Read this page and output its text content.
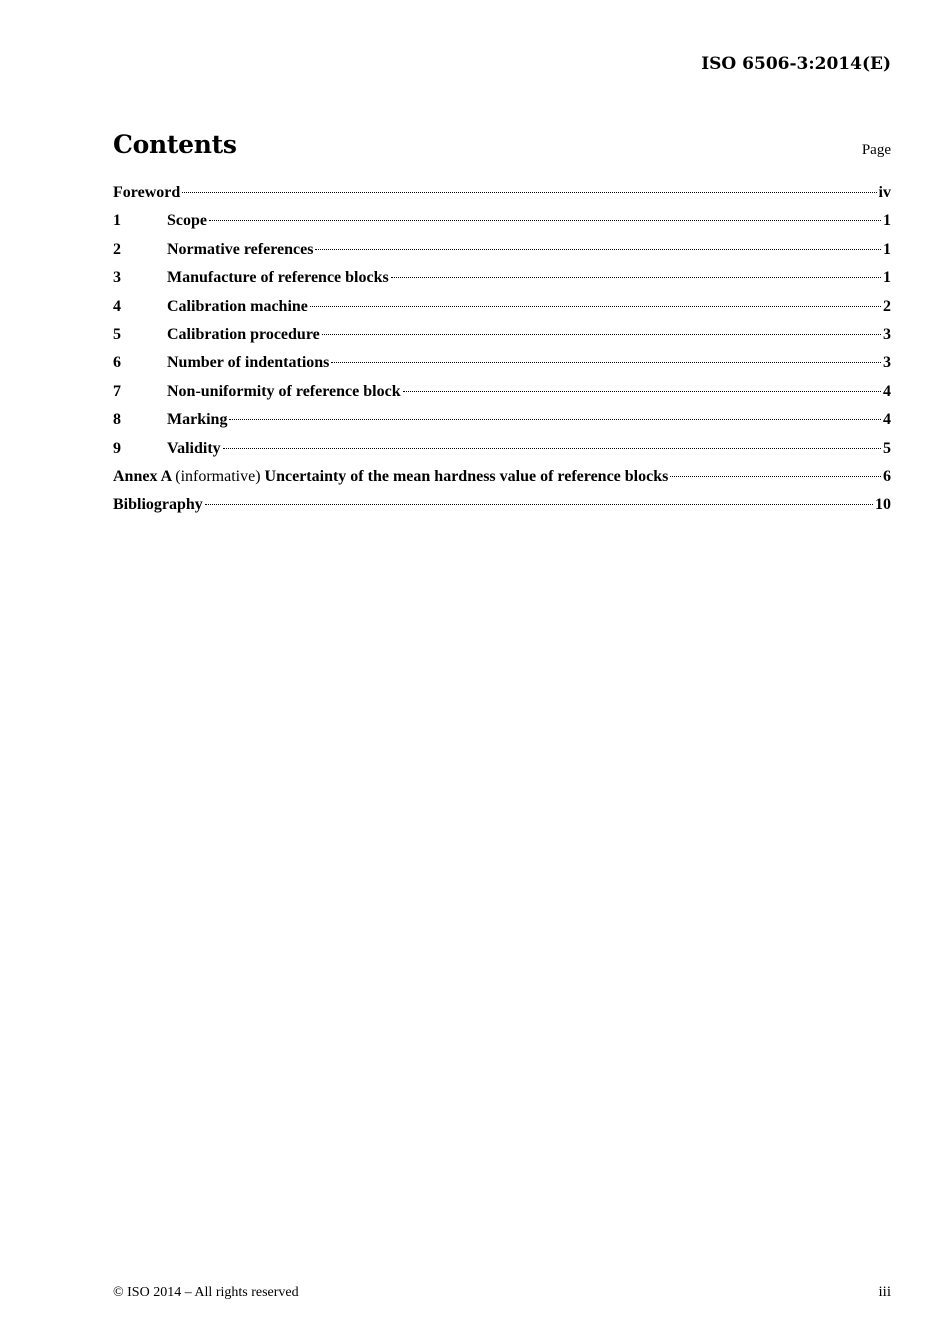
ISO 6506-3:2014(E)
Contents	Page
Foreword	iv
1	Scope	1
2	Normative references	1
3	Manufacture of reference blocks	1
4	Calibration machine	2
5	Calibration procedure	3
6	Number of indentations	3
7	Non-uniformity of reference block	4
8	Marking	4
9	Validity	5
Annex A (informative) Uncertainty of the mean hardness value of reference blocks	6
Bibliography	10
© ISO 2014 – All rights reserved	iii
